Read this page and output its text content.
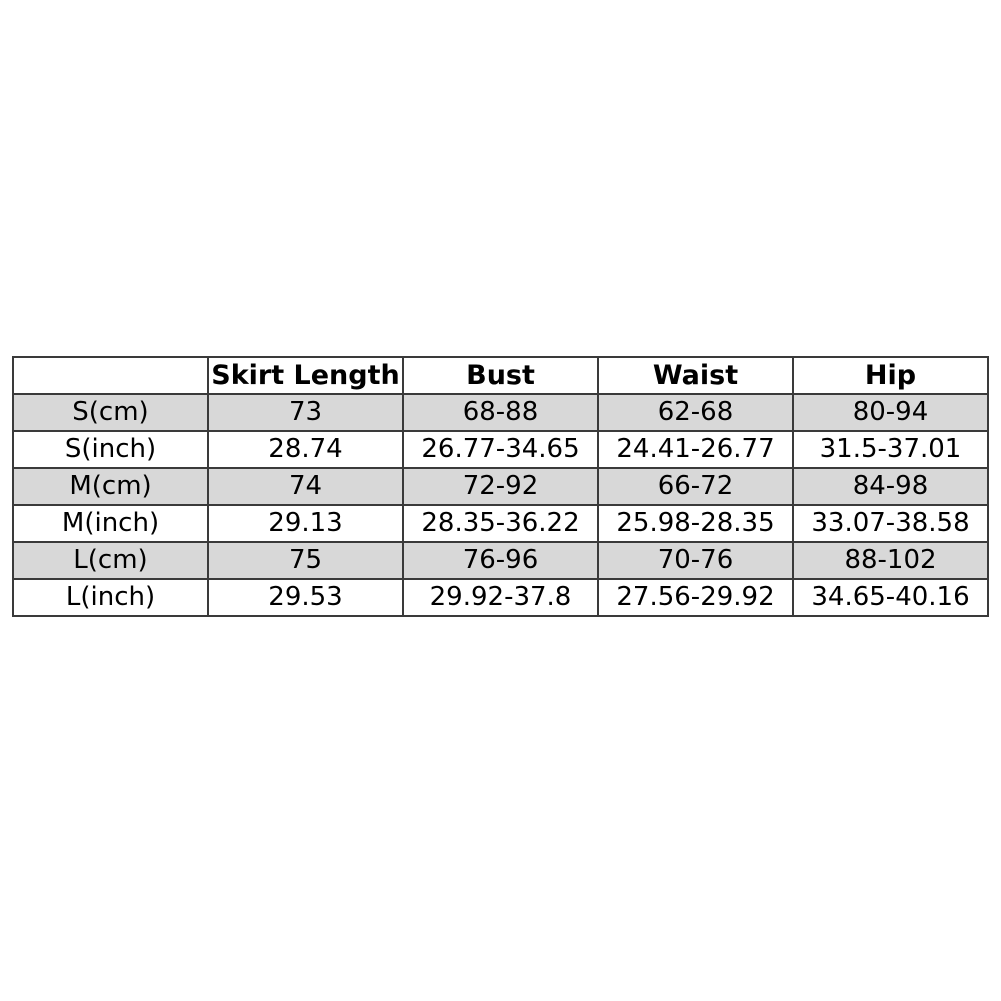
	Skirt Length	Bust	Waist	Hip
S(cm)	73	68-88	62-68	80-94
S(inch)	28.74	26.77-34.65	24.41-26.77	31.5-37.01
M(cm)	74	72-92	66-72	84-98
M(inch)	29.13	28.35-36.22	25.98-28.35	33.07-38.58
L(cm)	75	76-96	70-76	88-102
L(inch)	29.53	29.92-37.8	27.56-29.92	34.65-40.16
